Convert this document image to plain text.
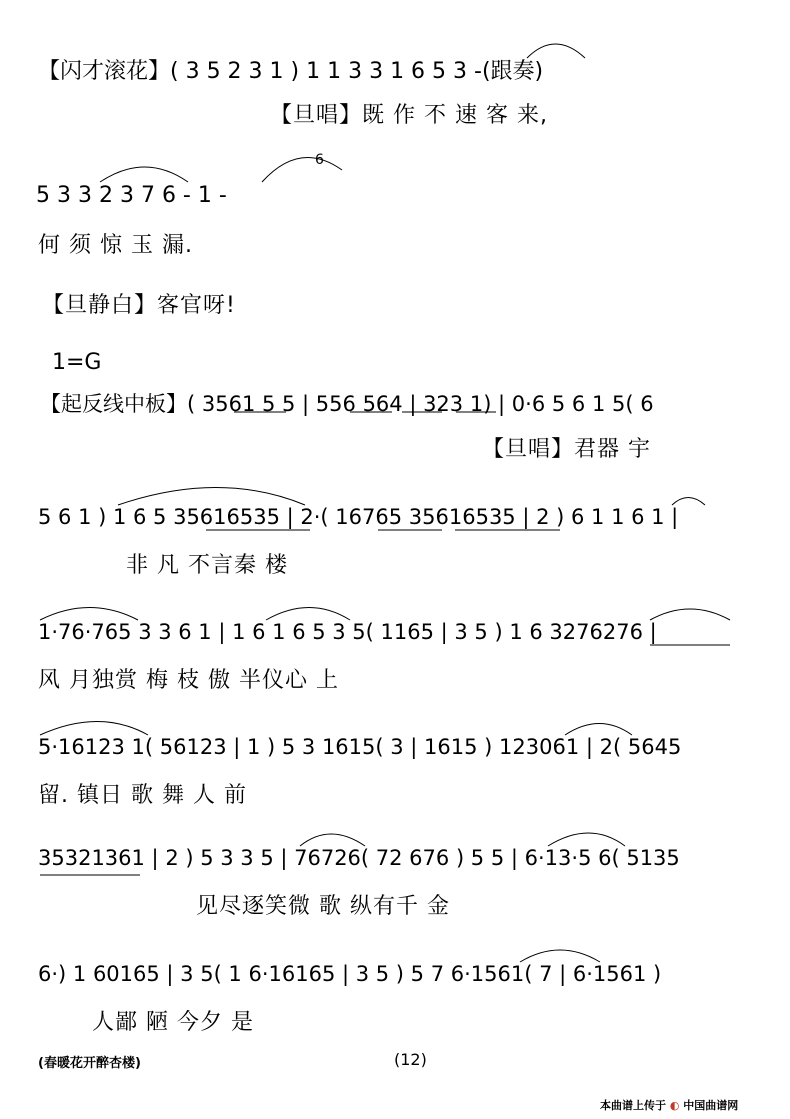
【闪才滚花】( 3 5 2 3 1 ) 1 1 3 3 1 6 5 3 -(跟奏)
【旦唱】既 作 不 速 客 来,
5 3 3 2 3 7 6 - 1 -
6
何 须 惊 玉 漏.
【旦静白】客官呀!
1=G
【起反线中板】( 3561 5 5 | 556 564 | 323 1) | 0·6 5 6 1 5( 6
【旦唱】君器 宇
5 6 1 ) 1 6 5 35616535 | 2·( 16765 35616535 | 2 ) 6 1 1 6 1 |
非 凡 不言秦 楼
1·76·765 3 3 6 1 | 1 6 1 6 5 3 5( 1165 | 3 5 ) 1 6 3276276 |
风 月独赏 梅 枝 傲 半仪心 上
5·16123 1( 56123 | 1 ) 5 3 1615( 3 | 1615 ) 123061 | 2( 5645
留. 镇日 歌 舞 人 前
35321361 | 2 ) 5 3 3 5 | 76726( 72 676 ) 5 5 | 6·13·5 6( 5135
见尽逐笑微 歌 纵有千 金
6·) 1 60165 | 3 5( 1 6·16165 | 3 5 ) 5 7 6·1561( 7 | 6·1561 )
人鄙 陋 今夕 是
(春暖花开醉杏楼)	(12)
本曲谱上传于 ◐ 中国曲谱网
